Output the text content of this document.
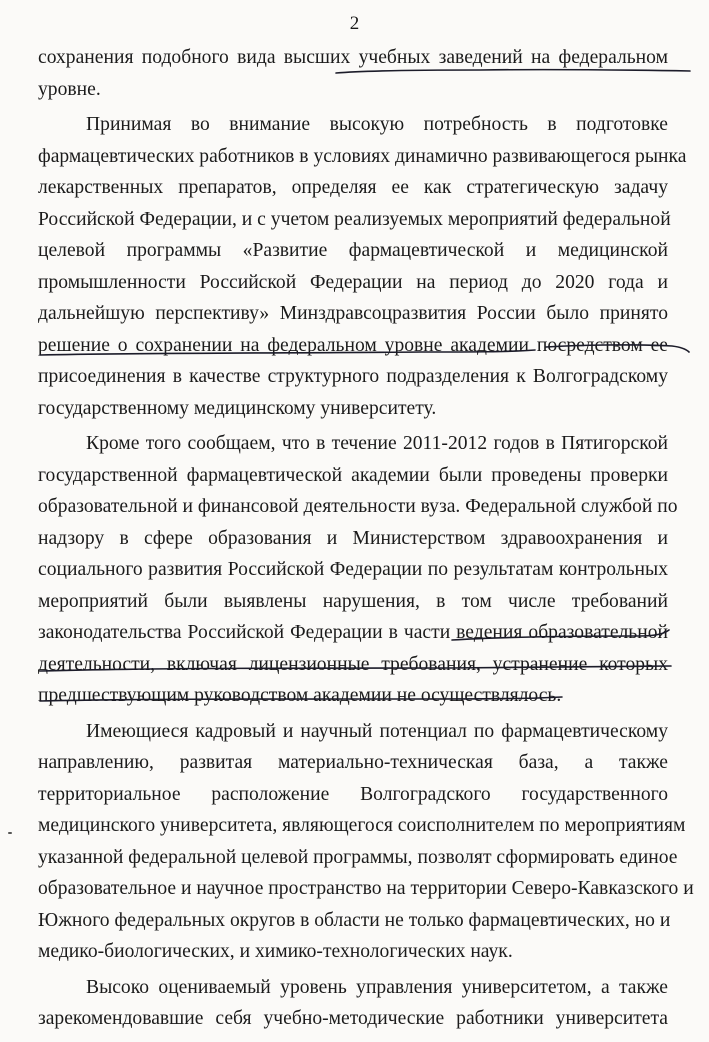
2
сохранения подобного вида высших учебных заведений на федеральном
уровне.
Принимая во внимание высокую потребность в подготовке
фармацевтических работников в условиях динамично развивающегося рынка
лекарственных препаратов, определяя ее как стратегическую задачу
Российской Федерации, и с учетом реализуемых мероприятий федеральной
целевой программы «Развитие фармацевтической и медицинской
промышленности Российской Федерации на период до 2020 года и
дальнейшую перспективу» Минздравсоцразвития России было принято
решение о сохранении на федеральном уровне академии посредством ее
присоединения в качестве структурного подразделения к Волгоградскому
государственному медицинскому университету.
Кроме того сообщаем, что в течение 2011-2012 годов в Пятигорской
государственной фармацевтической академии были проведены проверки
образовательной и финансовой деятельности вуза. Федеральной службой по
надзору в сфере образования и Министерством здравоохранения и
социального развития Российской Федерации по результатам контрольных
мероприятий были выявлены нарушения, в том числе требований
законодательства Российской Федерации в части ведения образовательной
деятельности, включая лицензионные требования, устранение которых
предшествующим руководством академии не осуществлялось.
Имеющиеся кадровый и научный потенциал по фармацевтическому
направлению, развитая материально-техническая база, а также
территориальное расположение Волгоградского государственного
медицинского университета, являющегося соисполнителем по мероприятиям
указанной федеральной целевой программы, позволят сформировать единое
образовательное и научное пространство на территории Северо-Кавказского и
Южного федеральных округов в области не только фармацевтических, но и
медико-биологических, и химико-технологических наук.
Высоко оцениваемый уровень управления университетом, а также
зарекомендовавшие себя учебно-методические работники университета
